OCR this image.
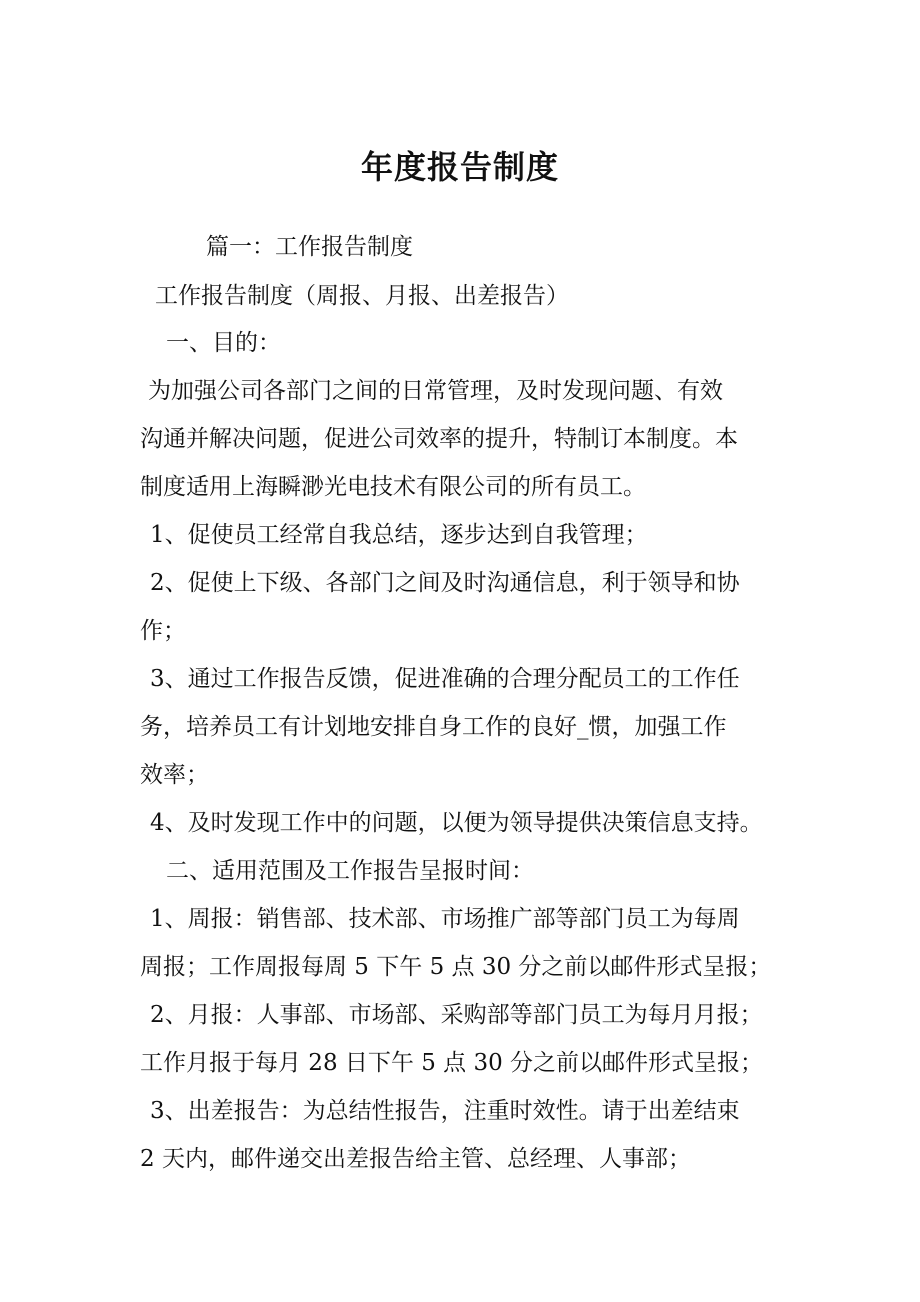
年度报告制度
篇一：工作报告制度
工作报告制度（周报、月报、出差报告）
一、目的：
为加强公司各部门之间的日常管理，及时发现问题、有效
沟通并解决问题，促进公司效率的提升，特制订本制度。本
制度适用上海瞬渺光电技术有限公司的所有员工。
1、促使员工经常自我总结，逐步达到自我管理；
2、促使上下级、各部门之间及时沟通信息，利于领导和协
作；
3、通过工作报告反馈，促进准确的合理分配员工的工作任
务，培养员工有计划地安排自身工作的良好_惯，加强工作
效率；
4、及时发现工作中的问题，以便为领导提供决策信息支持。
二、适用范围及工作报告呈报时间：
1、周报：销售部、技术部、市场推广部等部门员工为每周
周报；工作周报每周 5 下午 5 点 30 分之前以邮件形式呈报；
2、月报：人事部、市场部、采购部等部门员工为每月月报；
工作月报于每月 28 日下午 5 点 30 分之前以邮件形式呈报；
3、出差报告：为总结性报告，注重时效性。请于出差结束
2 天内，邮件递交出差报告给主管、总经理、人事部；
